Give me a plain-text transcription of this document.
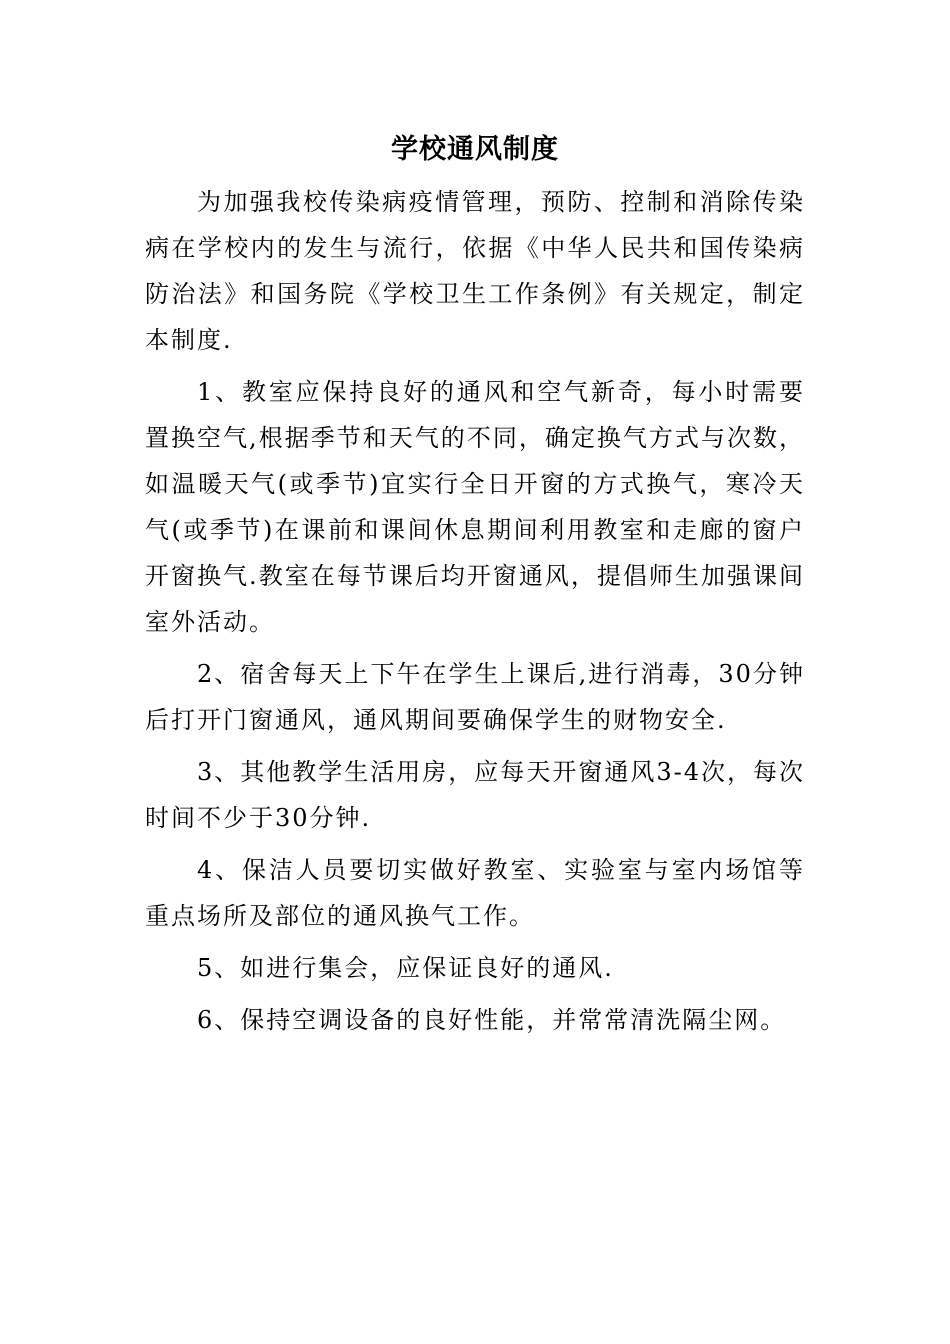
学校通风制度

为加强我校传染病疫情管理，预防、控制和消除传染病在学校内的发生与流行，依据《中华人民共和国传染病防治法》和国务院《学校卫生工作条例》有关规定，制定本制度.

1、教室应保持良好的通风和空气新奇，每小时需要置换空气,根据季节和天气的不同，确定换气方式与次数，如温暖天气(或季节)宜实行全日开窗的方式换气，寒冷天气(或季节)在课前和课间休息期间利用教室和走廊的窗户开窗换气.教室在每节课后均开窗通风，提倡师生加强课间室外活动。

2、宿舍每天上下午在学生上课后,进行消毒，30分钟后打开门窗通风，通风期间要确保学生的财物安全.

3、其他教学生活用房，应每天开窗通风3-4次，每次时间不少于30分钟.

4、保洁人员要切实做好教室、实验室与室内场馆等重点场所及部位的通风换气工作。

5、如进行集会，应保证良好的通风.

6、保持空调设备的良好性能，并常常清洗隔尘网。
